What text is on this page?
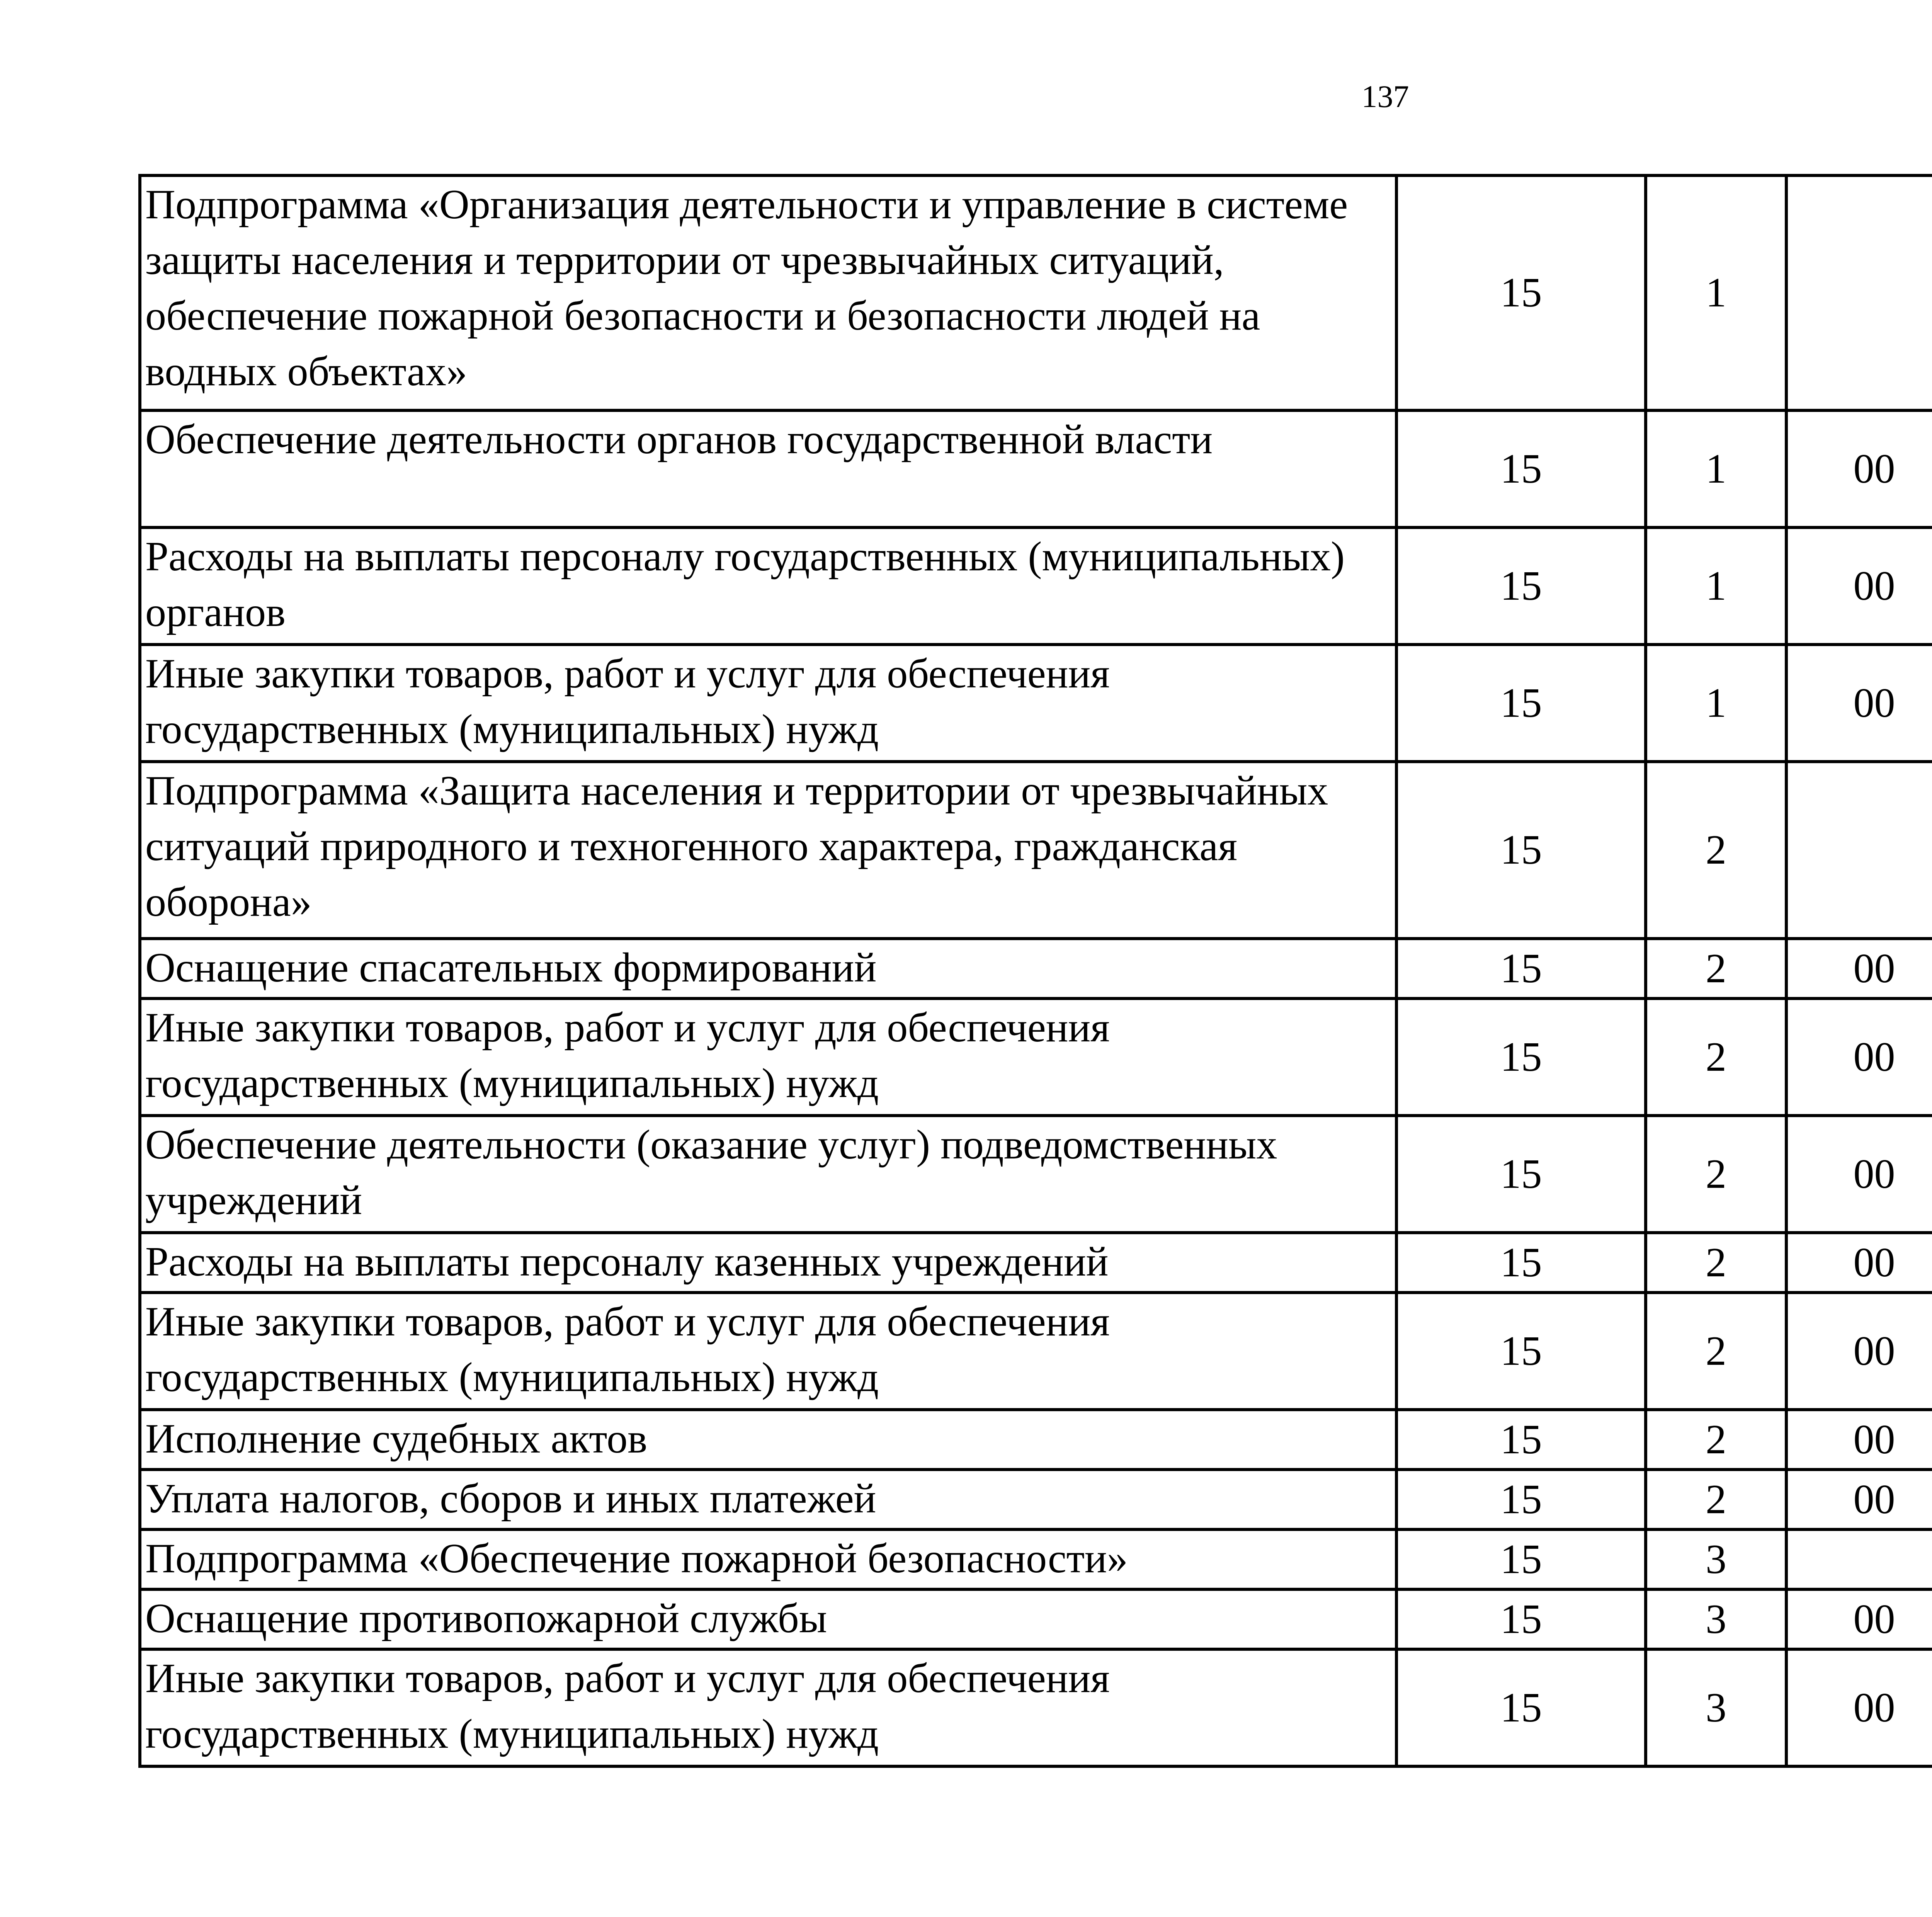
137
Подпрограмма «Организация деятельности и управление в системе защиты населения и территории от чрезвычайных ситуаций, обеспечение пожарной безопасности и безопасности людей на водных объектах»	15	1				
Обеспечение деятельности органов государственной власти	15	1	00			
Расходы на выплаты персоналу государственных (муниципальных) органов	15	1	00			
Иные закупки товаров, работ и услуг для обеспечения государственных (муниципальных) нужд	15	1	00			
Подпрограмма «Защита населения и территории от чрезвычайных ситуаций природного и техногенного характера, гражданская оборона»	15	2				
Оснащение спасательных формирований	15	2	00			
Иные закупки товаров, работ и услуг для обеспечения государственных (муниципальных) нужд	15	2	00			
Обеспечение деятельности (оказание услуг) подведомственных учреждений	15	2	00			
Расходы на выплаты персоналу казенных учреждений	15	2	00			
Иные закупки товаров, работ и услуг для обеспечения государственных (муниципальных) нужд	15	2	00			
Исполнение судебных актов	15	2	00			
Уплата налогов, сборов и иных платежей	15	2	00			
Подпрограмма «Обеспечение пожарной безопасности»	15	3				
Оснащение противопожарной службы	15	3	00			
Иные закупки товаров, работ и услуг для обеспечения государственных (муниципальных) нужд	15	3	00			
